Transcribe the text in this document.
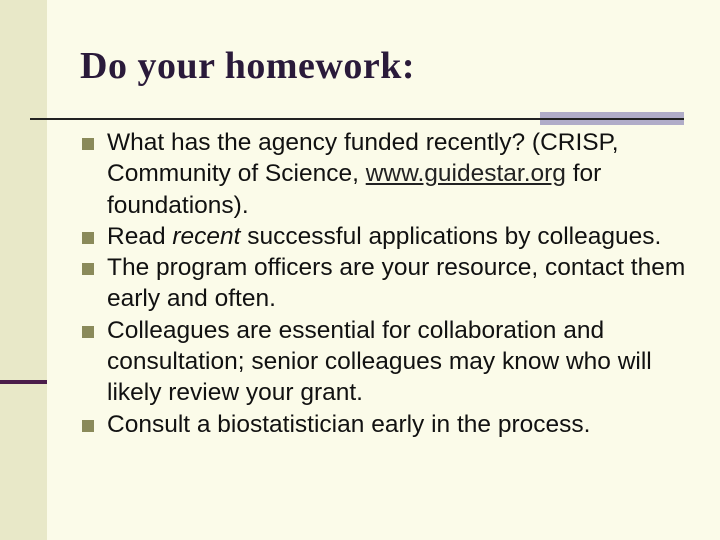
Do your homework:
What has the agency funded recently? (CRISP, Community of Science, www.guidestar.org for foundations).
Read recent successful applications by colleagues.
The program officers are your resource, contact them early and often.
Colleagues are essential for collaboration and consultation; senior colleagues may know who will likely review your grant.
Consult a biostatistician early in the process.
